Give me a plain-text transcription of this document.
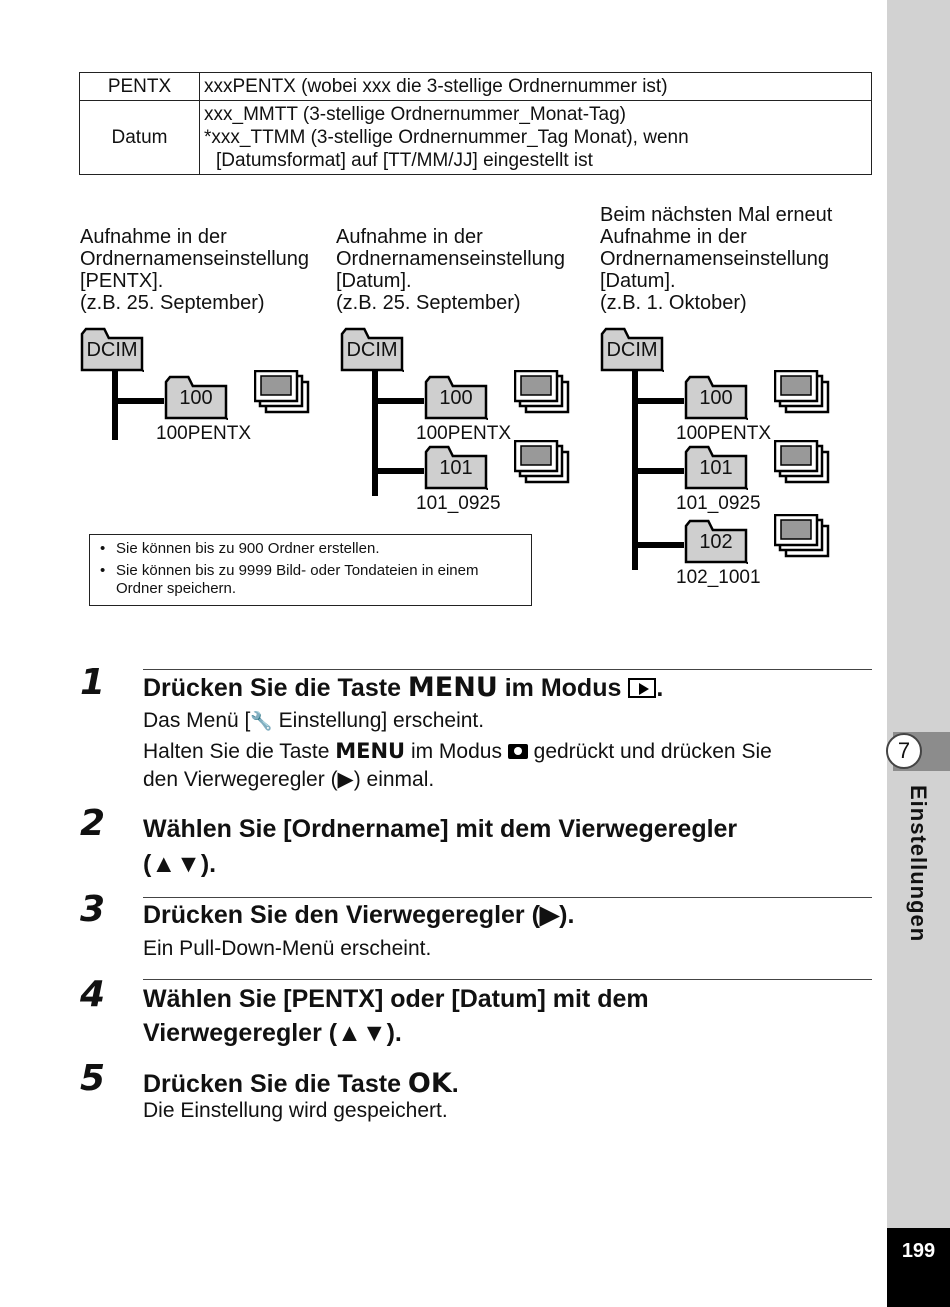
7
Einstellungen
199
PENTX	xxxPENTX (wobei xxx die 3-stellige Ordnernummer ist)
Datum	xxx_MMTT (3-stellige Ordnernummer_Monat-Tag)
*xxx_TTMM (3-stellige Ordnernummer_Tag Monat), wenn
[Datumsformat] auf [TT/MM/JJ] eingestellt ist
Aufnahme in der
Ordnernamenseinstellung
[PENTX].
(z.B. 25. September)
Aufnahme in der
Ordnernamenseinstellung
[Datum].
(z.B. 25. September)
Beim nächsten Mal erneut
Aufnahme in der
Ordnernamenseinstellung
[Datum].
(z.B. 1. Oktober)
DCIM
100
100PENTX
DCIM
100
100PENTX
101
101_0925
DCIM
100
100PENTX
101
101_0925
102
102_1001
• Sie können bis zu 900 Ordner erstellen.
• Sie können bis zu 9999 Bild- oder Tondateien in einem Ordner speichern.
1 Drücken Sie die Taste MENU im Modus .
Das Menü [🔧 Einstellung] erscheint.
Halten Sie die Taste MENU im Modus  gedrückt und drücken Sie
den Vierwegeregler (▶) einmal.
2 Wählen Sie [Ordnername] mit dem Vierwegeregler
(▲▼).
3 Drücken Sie den Vierwegeregler (▶).
Ein Pull-Down-Menü erscheint.
4 Wählen Sie [PENTX] oder [Datum] mit dem
Vierwegeregler (▲▼).
5 Drücken Sie die Taste OK.
Die Einstellung wird gespeichert.
